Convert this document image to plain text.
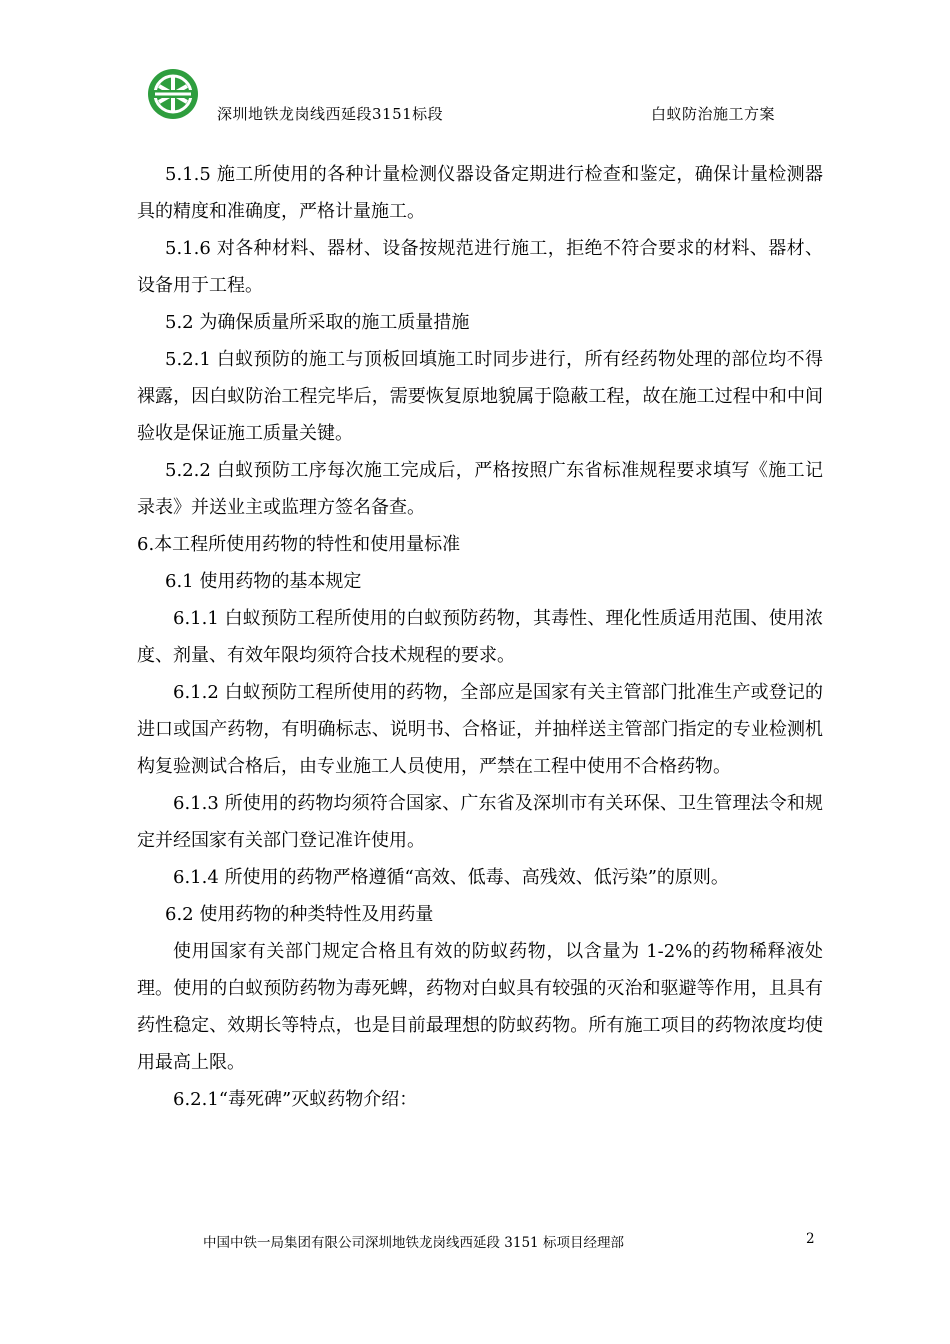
深圳地铁龙岗线西延段3151标段	白蚁防治施工方案

5.1.5 施工所使用的各种计量检测仪器设备定期进行检查和鉴定，确保计量检测器具的精度和准确度，严格计量施工。

5.1.6 对各种材料、器材、设备按规范进行施工，拒绝不符合要求的材料、器材、设备用于工程。

5.2 为确保质量所采取的施工质量措施

5.2.1 白蚁预防的施工与顶板回填施工时同步进行，所有经药物处理的部位均不得裸露，因白蚁防治工程完毕后，需要恢复原地貌属于隐蔽工程，故在施工过程中和中间验收是保证施工质量关键。

5.2.2 白蚁预防工序每次施工完成后，严格按照广东省标准规程要求填写《施工记录表》并送业主或监理方签名备查。

6.本工程所使用药物的特性和使用量标准

6.1 使用药物的基本规定

6.1.1 白蚁预防工程所使用的白蚁预防药物，其毒性、理化性质适用范围、使用浓度、剂量、有效年限均须符合技术规程的要求。

6.1.2 白蚁预防工程所使用的药物，全部应是国家有关主管部门批准生产或登记的进口或国产药物，有明确标志、说明书、合格证，并抽样送主管部门指定的专业检测机构复验测试合格后，由专业施工人员使用，严禁在工程中使用不合格药物。

6.1.3 所使用的药物均须符合国家、广东省及深圳市有关环保、卫生管理法令和规定并经国家有关部门登记准许使用。

6.1.4 所使用的药物严格遵循“高效、低毒、高残效、低污染”的原则。

6.2 使用药物的种类特性及用药量

使用国家有关部门规定合格且有效的防蚁药物，以含量为 1-2%的药物稀释液处理。使用的白蚁预防药物为毒死蜱，药物对白蚁具有较强的灭治和驱避等作用，且具有药性稳定、效期长等特点，也是目前最理想的防蚁药物。所有施工项目的药物浓度均使用最高上限。

6.2.1“毒死碑”灭蚁药物介绍：

中国中铁一局集团有限公司深圳地铁龙岗线西延段 3151 标项目经理部	2
